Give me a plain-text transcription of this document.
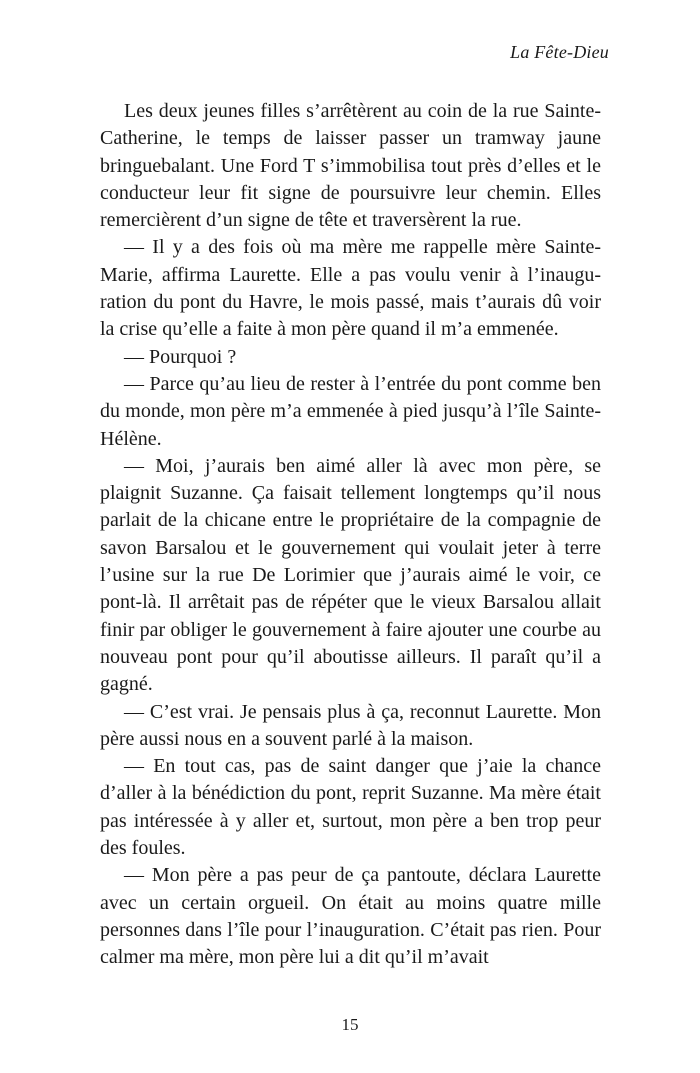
La Fête-Dieu

Les deux jeunes filles s’arrêtèrent au coin de la rue Sainte-Catherine, le temps de laisser passer un tramway jaune bringuebalant. Une Ford T s’immobilisa tout près d’elles et le conducteur leur fit signe de poursuivre leur chemin. Elles remercièrent d’un signe de tête et traversèrent la rue.

— Il y a des fois où ma mère me rappelle mère Sainte-Marie, affirma Laurette. Elle a pas voulu venir à l’inauguration du pont du Havre, le mois passé, mais t’aurais dû voir la crise qu’elle a faite à mon père quand il m’a emmenée.

— Pourquoi ?

— Parce qu’au lieu de rester à l’entrée du pont comme ben du monde, mon père m’a emmenée à pied jusqu’à l’île Sainte-Hélène.

— Moi, j’aurais ben aimé aller là avec mon père, se plaignit Suzanne. Ça faisait tellement longtemps qu’il nous parlait de la chicane entre le propriétaire de la compagnie de savon Barsalou et le gouvernement qui voulait jeter à terre l’usine sur la rue De Lorimier que j’aurais aimé le voir, ce pont-là. Il arrêtait pas de répéter que le vieux Barsalou allait finir par obliger le gouvernement à faire ajouter une courbe au nouveau pont pour qu’il aboutisse ailleurs. Il paraît qu’il a gagné.

— C’est vrai. Je pensais plus à ça, reconnut Laurette. Mon père aussi nous en a souvent parlé à la maison.

— En tout cas, pas de saint danger que j’aie la chance d’aller à la bénédiction du pont, reprit Suzanne. Ma mère était pas intéressée à y aller et, surtout, mon père a ben trop peur des foules.

— Mon père a pas peur de ça pantoute, déclara Laurette avec un certain orgueil. On était au moins quatre mille personnes dans l’île pour l’inauguration. C’était pas rien. Pour calmer ma mère, mon père lui a dit qu’il m’avait

15
